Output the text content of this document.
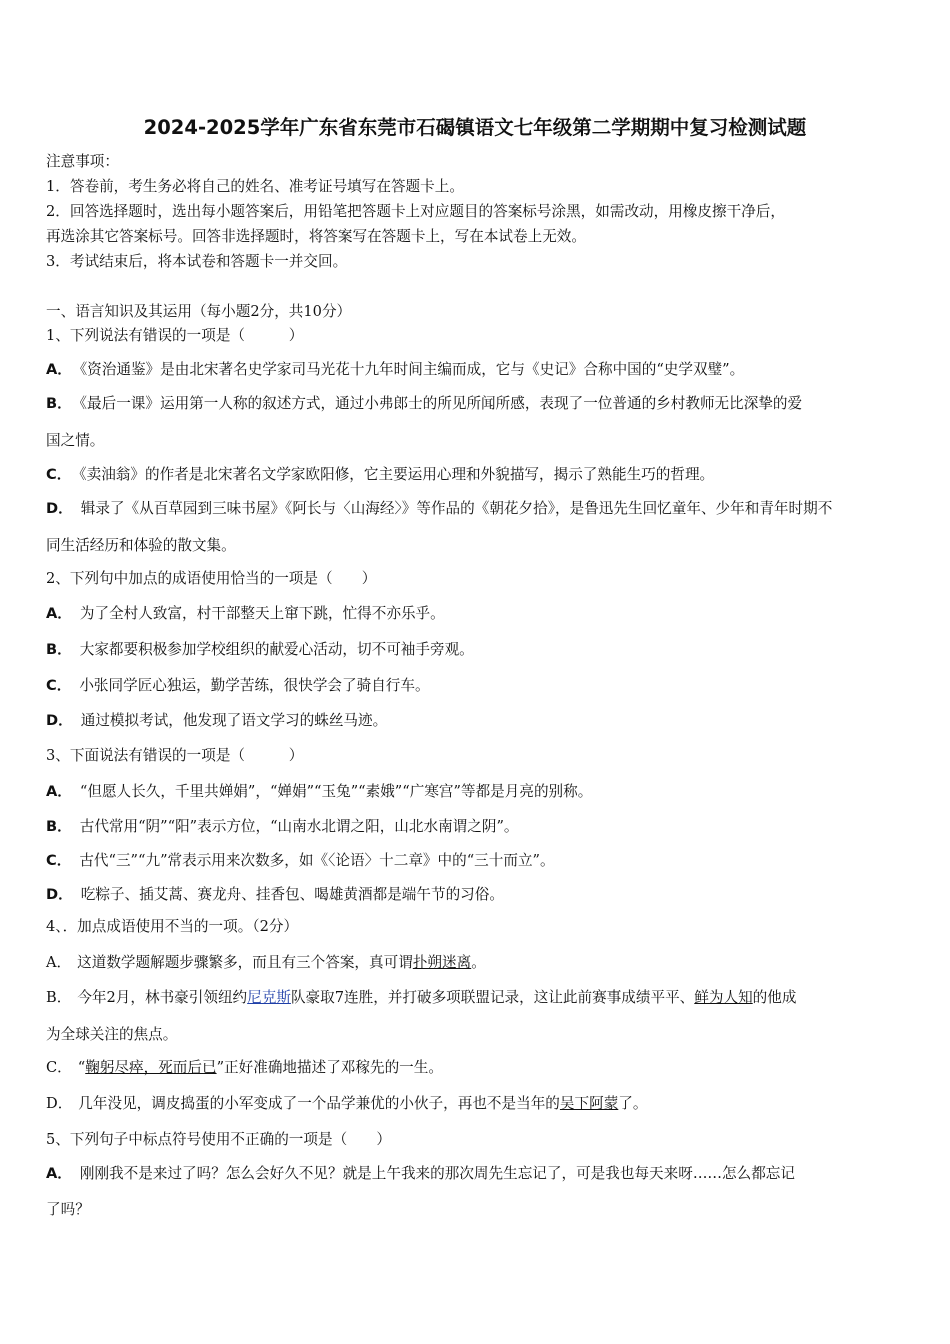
2024-2025学年广东省东莞市石碣镇语文七年级第二学期期中复习检测试题
注意事项：
1．答卷前，考生务必将自己的姓名、准考证号填写在答题卡上。
2．回答选择题时，选出每小题答案后，用铅笔把答题卡上对应题目的答案标号涂黑，如需改动，用橡皮擦干净后，
再选涂其它答案标号。回答非选择题时，将答案写在答题卡上，写在本试卷上无效。
3．考试结束后，将本试卷和答题卡一并交回。
一、语言知识及其运用（每小题2分，共10分）
1、下列说法有错误的一项是（　　　）
A． 《资治通鉴》是由北宋著名史学家司马光花十九年时间主编而成，它与《史记》合称中国的“史学双璧”。
B． 《最后一课》运用第一人称的叙述方式，通过小弗郎士的所见所闻所感，表现了一位普通的乡村教师无比深挚的爱
国之情。
C． 《卖油翁》的作者是北宋著名文学家欧阳修，它主要运用心理和外貌描写，揭示了熟能生巧的哲理。
D． 辑录了《从百草园到三味书屋》《阿长与〈山海经〉》等作品的《朝花夕拾》，是鲁迅先生回忆童年、少年和青年时期不
同生活经历和体验的散文集。
2、下列句中加点的成语使用恰当的一项是（　　）
A． 为了全村人致富，村干部整天上窜下跳，忙得不亦乐乎。
B． 大家都要积极参加学校组织的献爱心活动，切不可袖手旁观。
C． 小张同学匠心独运，勤学苦练，很快学会了骑自行车。
D． 通过模拟考试，他发现了语文学习的蛛丝马迹。
3、下面说法有错误的一项是（　　　）
A． “但愿人长久，千里共婵娟”，“婵娟”“玉兔”“素娥”“广寒宫”等都是月亮的别称。
B． 古代常用“阴”“阳”表示方位，“山南水北谓之阳，山北水南谓之阴”。
C． 古代“三”“九”常表示用来次数多，如《〈论语〉十二章》中的“三十而立”。
D． 吃粽子、插艾蒿、赛龙舟、挂香包、喝雄黄酒都是端午节的习俗。
4、．加点成语使用不当的一项。（2分）
A． 这道数学题解题步骤繁多，而且有三个答案，真可谓扑朔迷离。
B． 今年2月，林书豪引领纽约尼克斯队豪取7连胜，并打破多项联盟记录，这让此前赛事成绩平平、鲜为人知的他成
为全球关注的焦点。
C． “鞠躬尽瘁，死而后已”正好准确地描述了邓稼先的一生。
D． 几年没见，调皮捣蛋的小军变成了一个品学兼优的小伙子，再也不是当年的吴下阿蒙了。
5、下列句子中标点符号使用不正确的一项是（　　）
A． 刚刚我不是来过了吗？怎么会好久不见？就是上午我来的那次周先生忘记了，可是我也每天来呀……怎么都忘记
了吗？
